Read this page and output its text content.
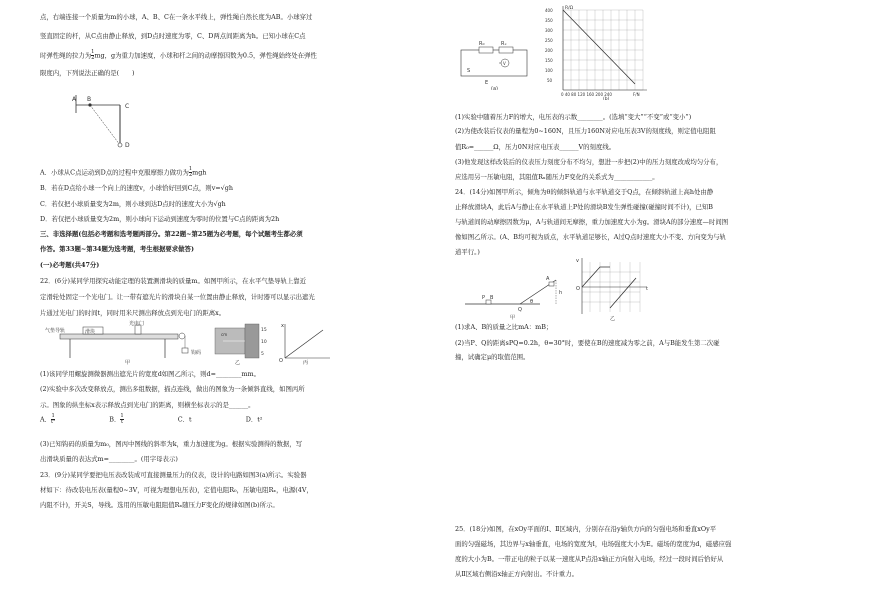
点，右端连接一个质量为m的小球，A、B、C在一条水平线上，弹性绳自然长度为AB。小球穿过

竖直固定的杆，从C点由静止释放，到D点时速度为零，C、D两点间距离为h。已知小球在C点

时弹性绳的拉力为 $\frac{1}{2}$ mg，g为重力加速度，小球和杆之间的动摩擦因数为0.5，弹性绳始终处在弹性

限度内，下列说法正确的是(　　)

A B
C
D

A．小球从C点运动到D点的过程中克服摩擦力做功为 $\frac{1}{2}$ mgh

B．若在D点给小球一个向上的速度v，小球恰好回到C点，则v=√gh

C．若仅把小球质量变为2m，则小球到达D点时的速度大小为√gh

D．若仅把小球质量变为2m，则小球向下运动到速度为零时的位置与C点的距离为2h

三、非选择题(包括必考题和选考题两部分。第22题~第25题为必考题，每个试题考生都必须

作答。第33题~第34题为选考题，考生根据要求做答)

(一)必考题(共47分)

22．(6分)某同学用探究动能定理的装置测滑块的质量m。如图甲所示，在水平气垫导轨上靠近

定滑轮处固定一个光电门。让一带有遮光片的滑块自某一位置由静止释放，计时器可以显示出遮光

片通过光电门的时间t，同时用米尺测出释放点到光电门的距离x。

滑块
光电门
气垫导轨
钩码
甲
15
10
5
cm
乙	O
x
丙

(1)该同学用螺旋测微器测出遮光片的宽度d如图乙所示，则d=________mm。

(2)实验中多次改变释放点，测出多组数据，描点连线，做出的图象为一条倾斜直线，如图丙所

示。图象的纵坐标x表示释放点到光电门的距离，则横坐标表示的是______。

A． $\frac{1}{\text{t²}}$	B． $\frac{1}{t}$	C．t	D．t²

(3)已知钩码的质量为m₀，图丙中图线的斜率为k，重力加速度为g。根据实验测得的数据，写

出滑块质量的表达式m=________。(用字母表示)

23．(9分)某同学要把电压表改装成可直接测量压力的仪表，设计的电路如图3(a)所示。实验器

材如下：待改装电压表(量程0~3V，可视为理想电压表)，定值电阻R₀，压敏电阻Rₓ，电源(4V，

内阻不计)，开关S，导线。选用的压敏电阻阻值Rₓ随压力F变化的规律如图(b)所示。

R₀	Rₓ
V
S
E
(a)
R/Ω
400
350
300
250
200
150
100
50
0 40 80 120 160 200 240	F/N
(b)

(1)实验中随着压力F的增大，电压表的示数________。(选填“变大”“不变”或“变小”)

(2)为使改装后仪表的量程为0~160N，且压力160N对应电压表3V的刻度线，则定值电阻阻

值R₀=______Ω，压力0N对应电压表______V的刻度线。

(3)他发现这样改装后的仪表压力刻度分布不均匀，想进一步把(2)中的压力刻度改成均匀分布，

应选用另一压敏电阻，其阻值Rₓ随压力F变化的关系式为____________。

24．(14分)如图甲所示，倾角为θ的倾斜轨道与水平轨道交于Q点，在倾斜轨道上高h处由静

止释放滑块A，此后A与静止在水平轨道上P处的滑块B发生弹性碰撞(碰撞时间不计)，已知B

与轨道间的动摩擦因数为μ，A与轨道间无摩擦，重力加速度大小为g。滑块A的部分速度—时间图

像如图乙所示。(A、B均可视为质点，水平轨道足够长，A过Q点时速度大小不变、方向变为与轨

道平行。)

P B
Q
A
h
θ
甲
O
v
t
乙

(1)求A、B的质量之比mA：mB；

(2)当P、Q的距离sPQ=0.2h，θ=30°时，要使在B的速度减为零之前，A与B能发生第二次碰

撞，试确定μ的取值范围。

25．(18分)如图，在xOy平面的Ⅰ、Ⅱ区域内，分别存在沿y轴负方向的匀强电场和垂直xOy平

面的匀强磁场，其边界与x轴垂直，电场的宽度为l，电场强度大小为E。磁场的宽度为d，磁感应强

度的大小为B。一带正电的粒子以某一速度从P点沿x轴正方向射入电场，经过一段时间后恰好从

从Ⅱ区域右侧沿x轴正方向射出。不计重力。
